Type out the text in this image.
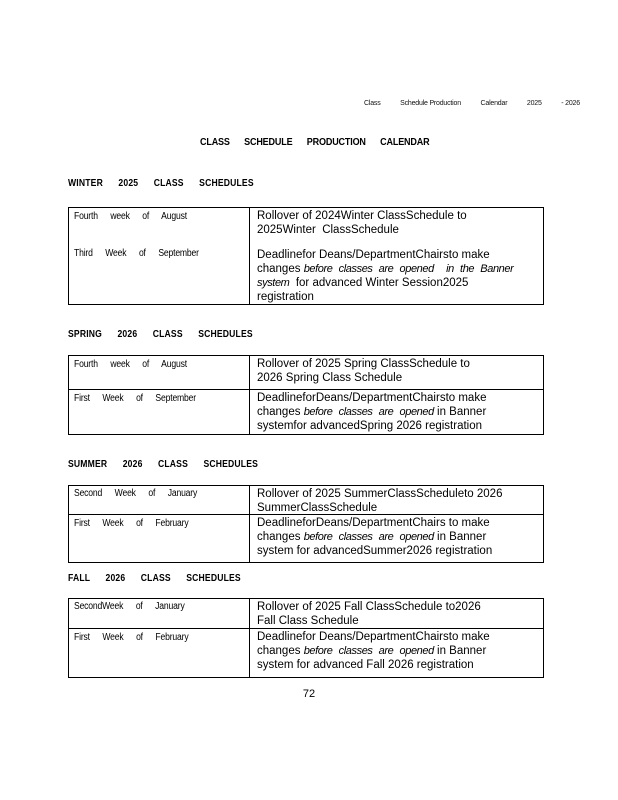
Class	Schedule Production	Calendar	2025	- 2026
CLASS SCHEDULE PRODUCTION CALENDAR
WINTER 2025 CLASS SCHEDULES
Fourth week of August	Rollover of 2024Winter ClassSchedule to
2025Winter  ClassSchedule
Third Week of September	Deadlinefor Deans/DepartmentChairsto make
changes before classes are opened  in the Banner
system  for advanced Winter Session2025
registration
SPRING 2026 CLASS SCHEDULES
Fourth week of August	Rollover of 2025 Spring ClassSchedule to
2026 Spring Class Schedule
First Week of September	DeadlineforDeans/DepartmentChairsto make
changes before classes are opened in Banner
systemfor advancedSpring 2026 registration
SUMMER 2026 CLASS SCHEDULES
Second Week of January	Rollover of 2025 SummerClassScheduleto 2026
SummerClassSchedule
First Week of February	DeadlineforDeans/DepartmentChairs to make
changes before classes are opened in Banner
system for advancedSummer2026 registration
FALL 2026 CLASS SCHEDULES
SecondWeek of January	Rollover of 2025 Fall ClassSchedule to2026
Fall Class Schedule
First Week of February	Deadlinefor Deans/DepartmentChairsto make
changes before classes are opened in Banner
system for advanced Fall 2026 registration
72
